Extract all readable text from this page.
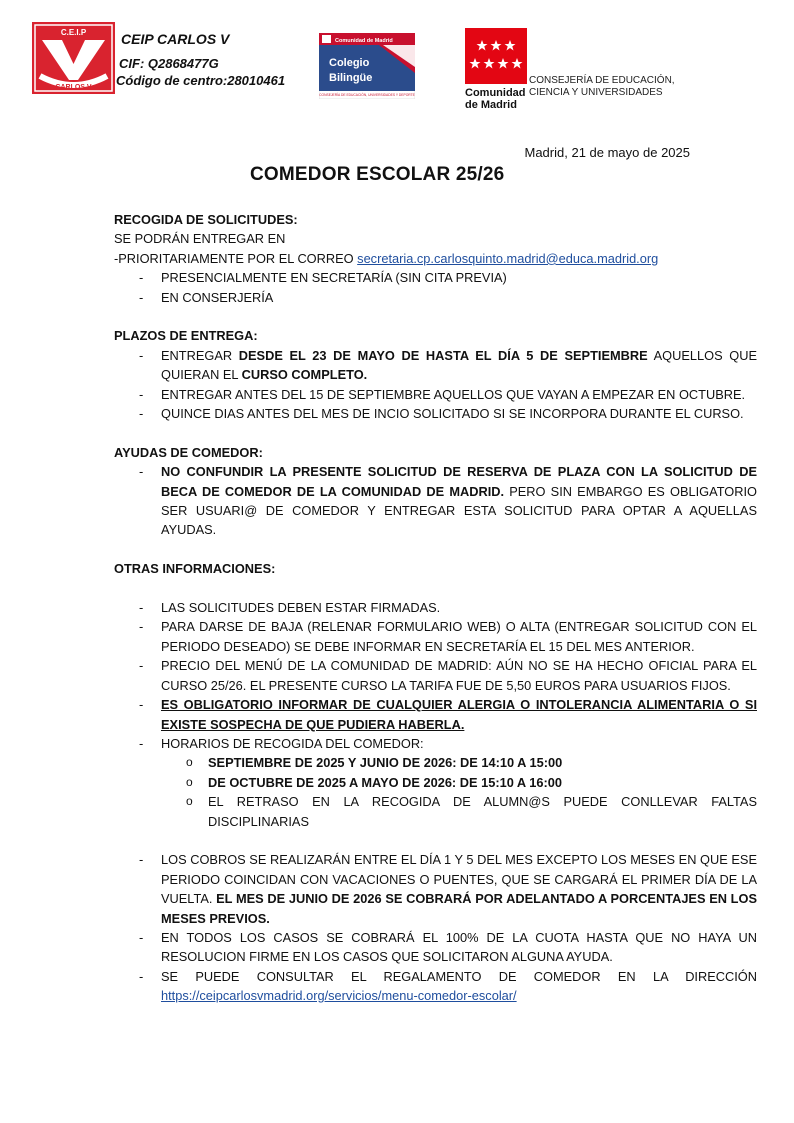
C.E.I.P
CARLOS V
CEIP CARLOS V
CIF: Q2868477G
Código de centro:28010461
Comunidad de Madrid
Colegio
Bilingüe
CONSEJERÍA DE EDUCACIÓN, UNIVERSIDADES Y DEPORTE	Comunidad
de Madrid
CONSEJERÍA DE EDUCACIÓN,
CIENCIA Y UNIVERSIDADES
Madrid, 21 de mayo de 2025
COMEDOR ESCOLAR 25/26

RECOGIDA DE SOLICITUDES:

SE PODRÁN ENTREGAR EN

-PRIORITARIAMENTE POR EL CORREO secretaria.cp.carlosquinto.madrid@educa.madrid.org

- PRESENCIALMENTE EN SECRETARÍA (SIN CITA PREVIA)
- EN CONSERJERÍA

PLAZOS DE ENTREGA:

- ENTREGAR DESDE EL 23 DE MAYO DE HASTA EL DÍA 5 DE SEPTIEMBRE AQUELLOS QUE QUIERAN EL CURSO COMPLETO.
- ENTREGAR ANTES DEL 15 DE SEPTIEMBRE AQUELLOS QUE VAYAN A EMPEZAR EN OCTUBRE.
- QUINCE DIAS ANTES DEL MES DE INCIO SOLICITADO SI SE INCORPORA DURANTE EL CURSO.

AYUDAS DE COMEDOR:

- NO CONFUNDIR LA PRESENTE SOLICITUD DE RESERVA DE PLAZA CON LA SOLICITUD DE BECA DE COMEDOR DE LA COMUNIDAD DE MADRID. PERO SIN EMBARGO ES OBLIGATORIO SER USUARI@ DE COMEDOR Y ENTREGAR ESTA SOLICITUD PARA OPTAR A AQUELLAS AYUDAS.

OTRAS INFORMACIONES:

- LAS SOLICITUDES DEBEN ESTAR FIRMADAS.
- PARA DARSE DE BAJA (RELENAR FORMULARIO WEB) O ALTA (ENTREGAR SOLICITUD CON EL PERIODO DESEADO) SE DEBE INFORMAR EN SECRETARÍA EL 15 DEL MES ANTERIOR.
- PRECIO DEL MENÚ DE LA COMUNIDAD DE MADRID: AÚN NO SE HA HECHO OFICIAL PARA EL CURSO 25/26. EL PRESENTE CURSO LA TARIFA FUE DE 5,50 EUROS PARA USUARIOS FIJOS.
- ES OBLIGATORIO INFORMAR DE CUALQUIER ALERGIA O INTOLERANCIA ALIMENTARIA O SI EXISTE SOSPECHA DE QUE PUDIERA HABERLA.
- HORARIOS DE RECOGIDA DEL COMEDOR:
o SEPTIEMBRE DE 2025 Y JUNIO DE 2026: DE 14:10 A 15:00
o DE OCTUBRE DE 2025 A MAYO DE 2026: DE 15:10 A 16:00
o EL RETRASO EN LA RECOGIDA DE ALUMN@S PUEDE CONLLEVAR FALTAS DISCIPLINARIAS
- LOS COBROS SE REALIZARÁN ENTRE EL DÍA 1 Y 5 DEL MES EXCEPTO LOS MESES EN QUE ESE PERIODO COINCIDAN CON VACACIONES O PUENTES, QUE SE CARGARÁ EL PRIMER DÍA DE LA VUELTA. EL MES DE JUNIO DE 2026 SE COBRARÁ POR ADELANTADO A PORCENTAJES EN LOS MESES PREVIOS.
- EN TODOS LOS CASOS SE COBRARÁ EL 100% DE LA CUOTA HASTA QUE NO HAYA UN RESOLUCION FIRME EN LOS CASOS QUE SOLICITARON ALGUNA AYUDA.
- SE PUEDE CONSULTAR EL REGALAMENTO DE COMEDOR EN LA DIRECCIÓN https://ceipcarlosvmadrid.org/servicios/menu-comedor-escolar/
